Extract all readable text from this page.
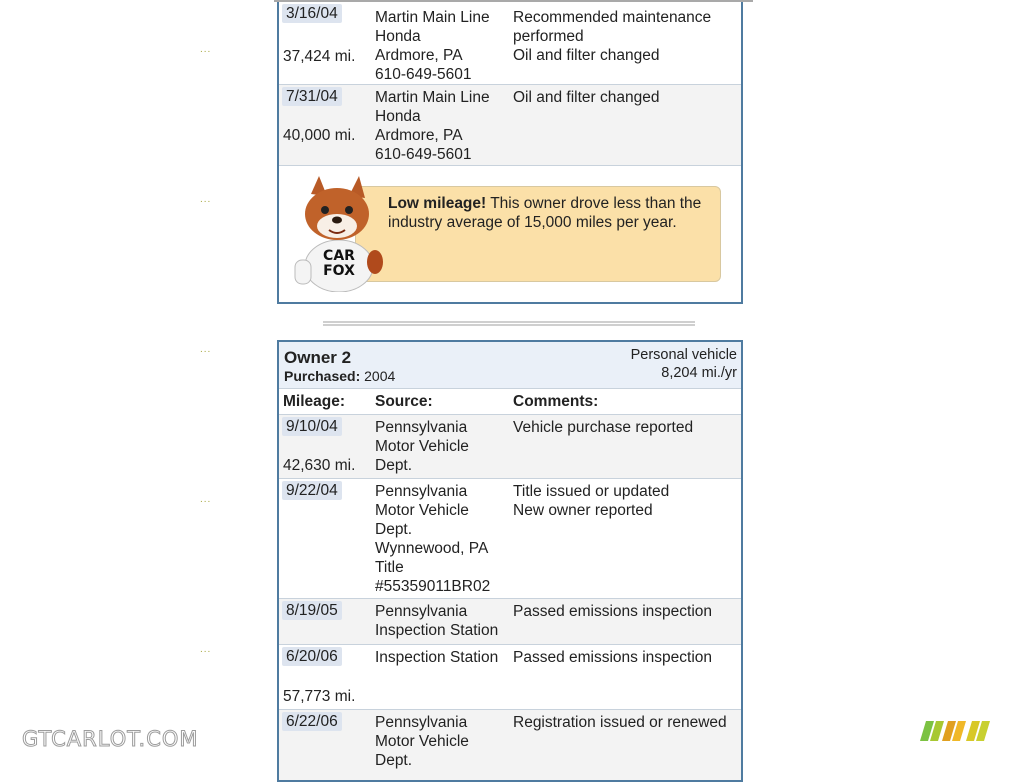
...
...
...
...
...
3/16/04
37,424 mi.
Martin Main Line
Honda
Ardmore, PA
610-649-5601
Recommended maintenance
performed
Oil and filter changed
7/31/04
40,000 mi.
Martin Main Line
Honda
Ardmore, PA
610-649-5601
Oil and filter changed

Low mileage! This owner drove less than the industry average of 15,000 miles per year.

CAR
FOX
Owner 2
Purchased: 2004
Personal vehicle
8,204 mi./yr
Mileage: Source:	Comments:
9/10/04
42,630 mi.
Pennsylvania
Motor Vehicle
Dept.
Vehicle purchase reported
9/22/04 Pennsylvania
Motor Vehicle
Dept.
Wynnewood, PA
Title
#55359011BR02
Title issued or updated
New owner reported
8/19/05 Pennsylvania
Inspection Station
Passed emissions inspection
6/20/06
57,773 mi.
Inspection Station Passed emissions inspection
6/22/06 Pennsylvania
Motor Vehicle
Dept.
Registration issued or renewed
GTCARLOT.COM
